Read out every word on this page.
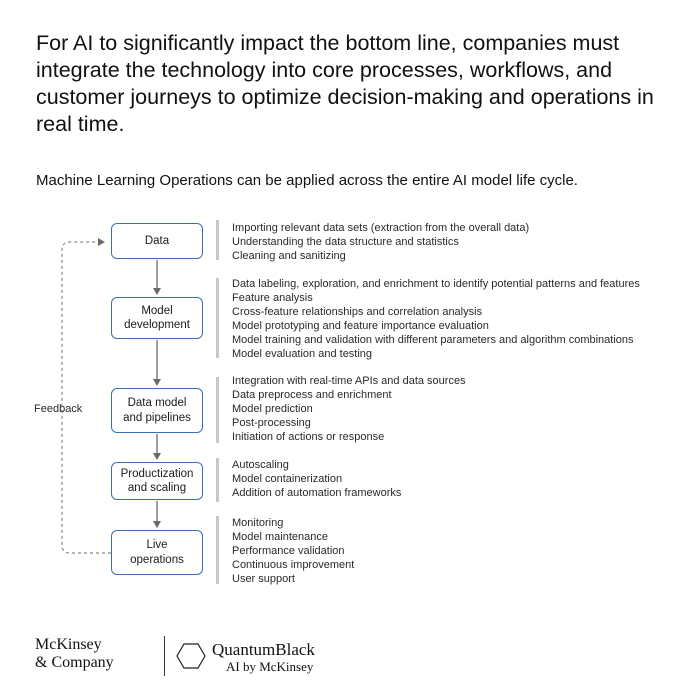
For AI to significantly impact the bottom line, companies must integrate the technology into core processes, workflows, and customer journeys to optimize decision-making and operations in real time.
Machine Learning Operations can be applied across the entire AI model life cycle.
Data
Importing relevant data sets (extraction from the overall data)
Understanding the data structure and statistics
Cleaning and sanitizing
Model
development
Data labeling, exploration, and enrichment to identify potential patterns and features
Feature analysis
Cross-feature relationships and correlation analysis
Model prototyping and feature importance evaluation
Model training and validation with different parameters and algorithm combinations
Model evaluation and testing
Data model
and pipelines
Integration with real-time APIs and data sources
Data preprocess and enrichment
Model prediction
Post-processing
Initiation of actions or response
Productization
and scaling
Autoscaling
Model containerization
Addition of automation frameworks
Live
operations
Monitoring
Model maintenance
Performance validation
Continuous improvement
User support
Feedback
McKinsey
& Company
QuantumBlack
AI by McKinsey
